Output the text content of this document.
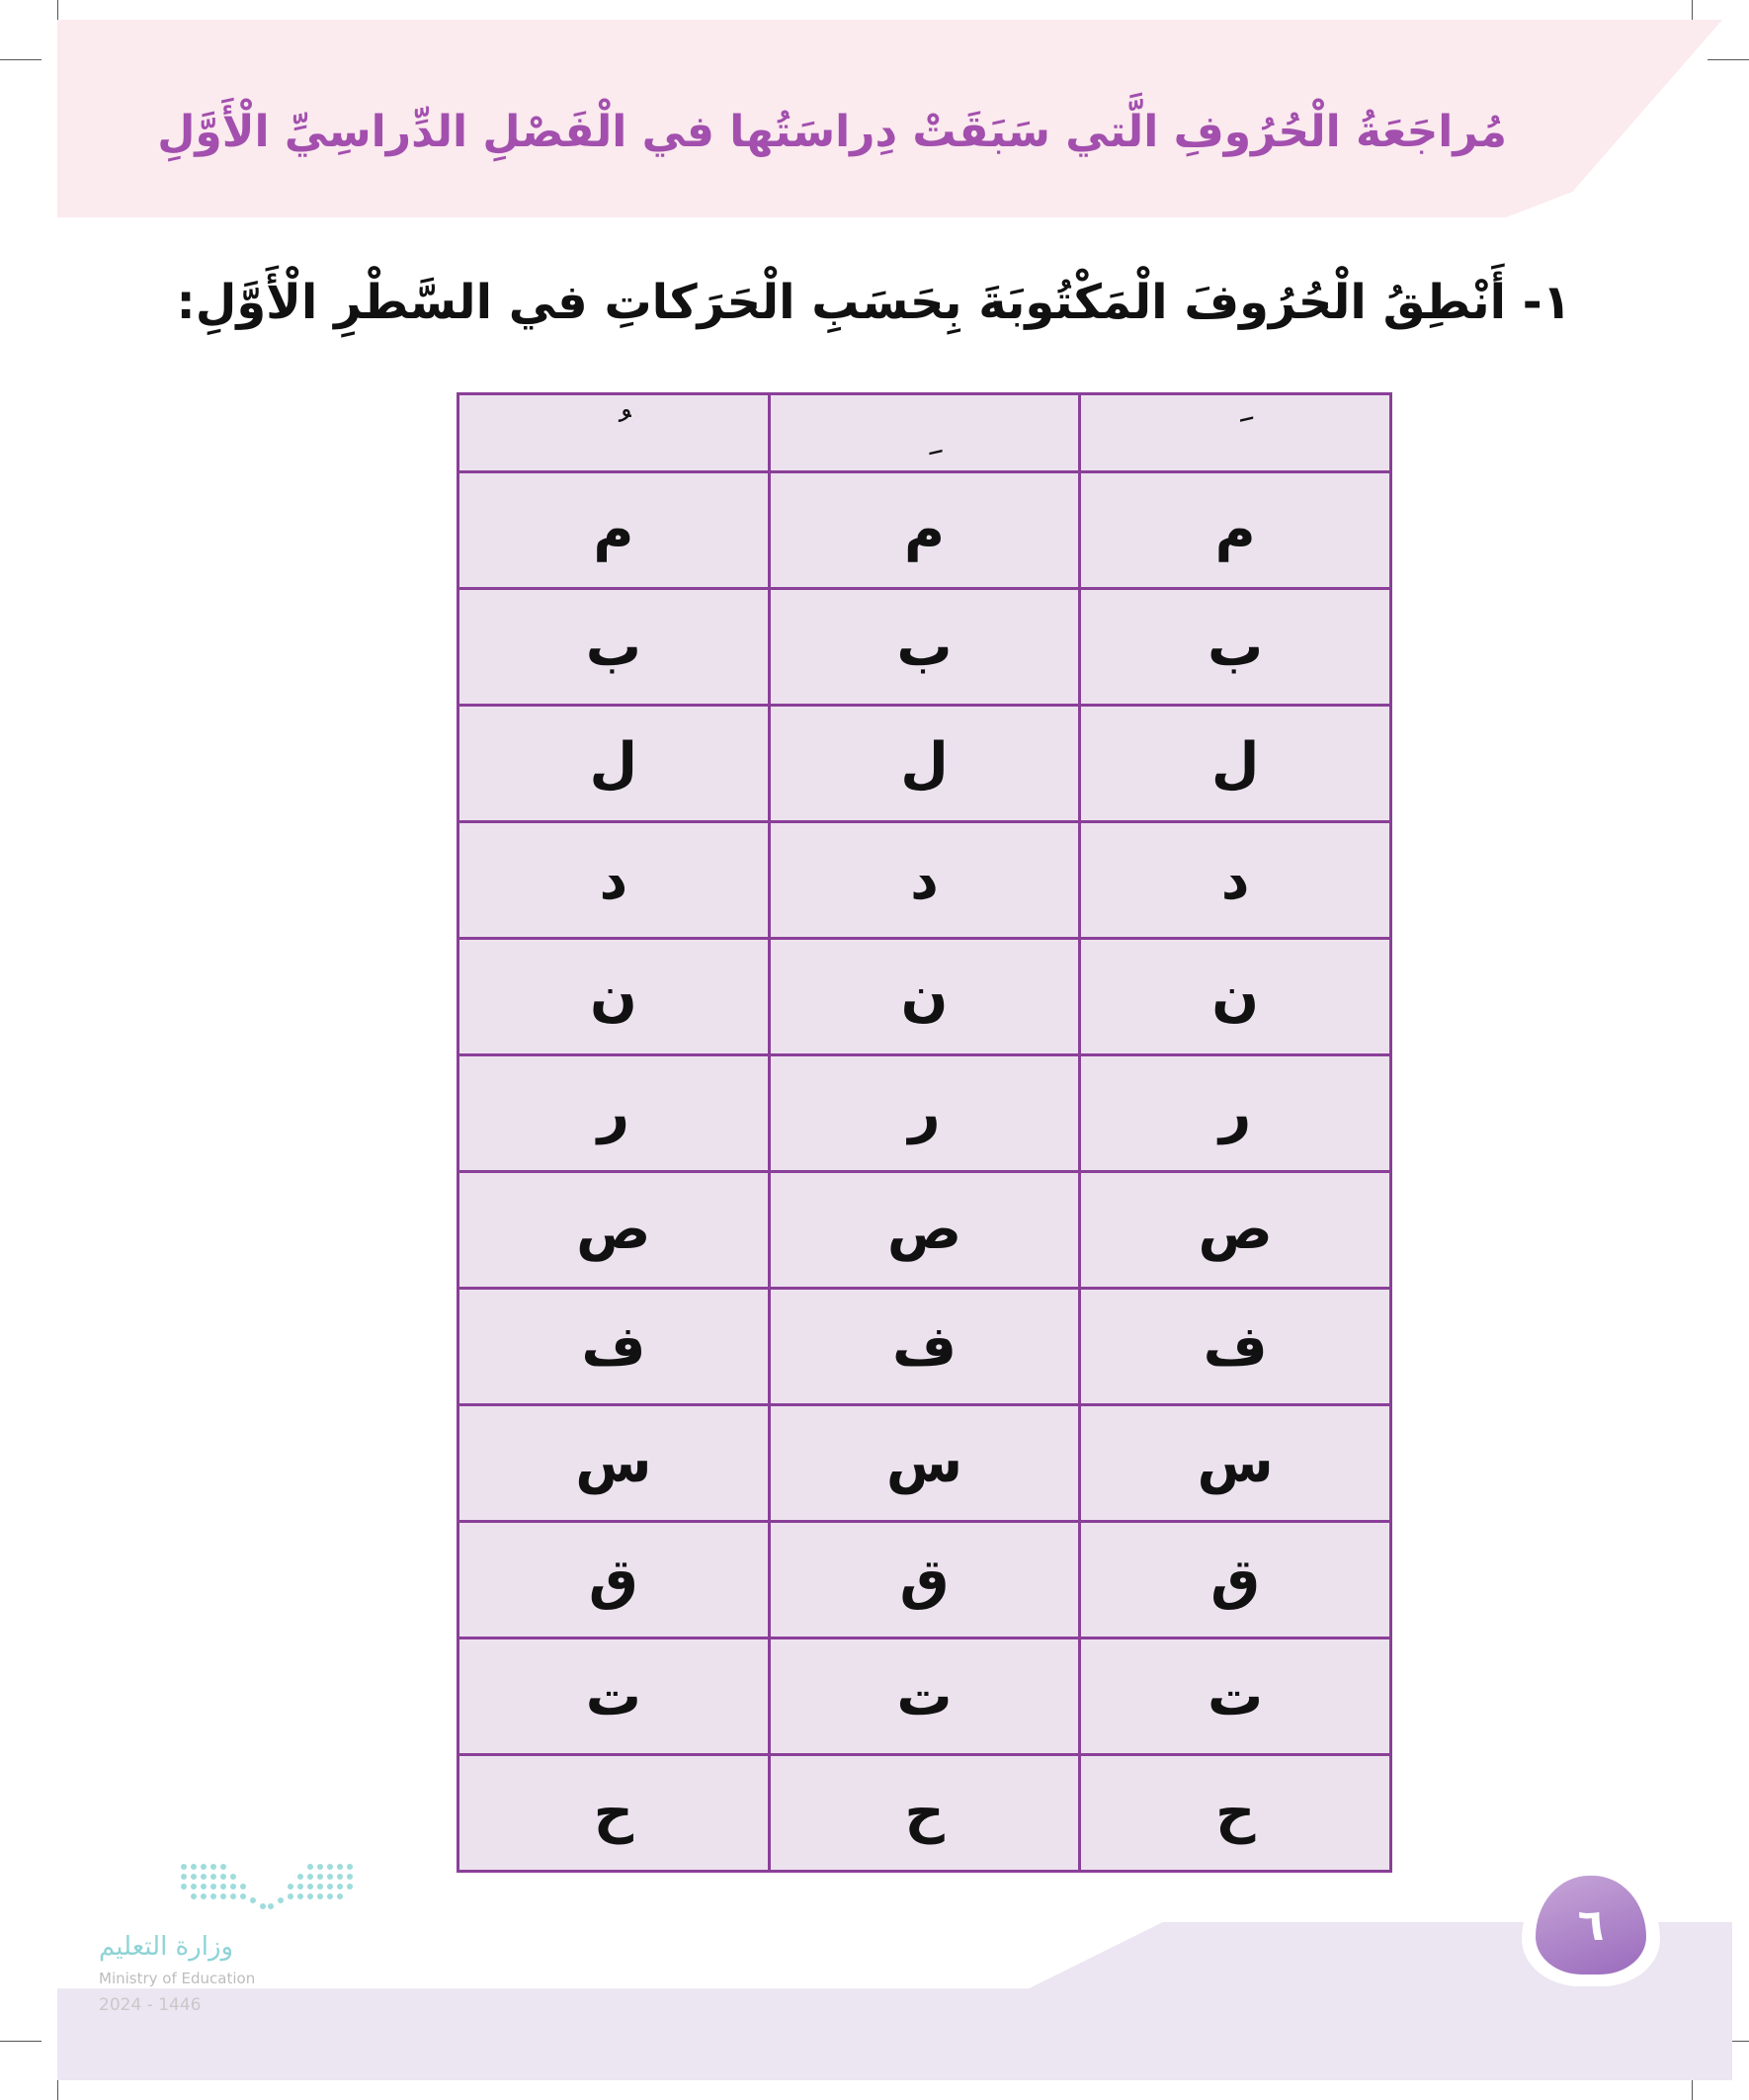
مُراجَعَةُ الْحُرُوفِ الَّتي سَبَقَتْ دِراسَتُها في الْفَصْلِ الدِّراسِيِّ الْأَوَّلِ
١- أَنْطِقُ الْحُرُوفَ الْمَكْتُوبَةَ بِحَسَبِ الْحَرَكاتِ في السَّطْرِ الْأَوَّلِ:

م	م	م
ب	ب	ب
ل	ل	ل
د	د	د
ن	ن	ن
ر	ر	ر
ص	ص	ص
ف	ف	ف
س	س	س
ق	ق	ق
ت	ت	ت
ح	ح	ح
٦
وزارة التعليم
Ministry of Education
2024 - 1446
